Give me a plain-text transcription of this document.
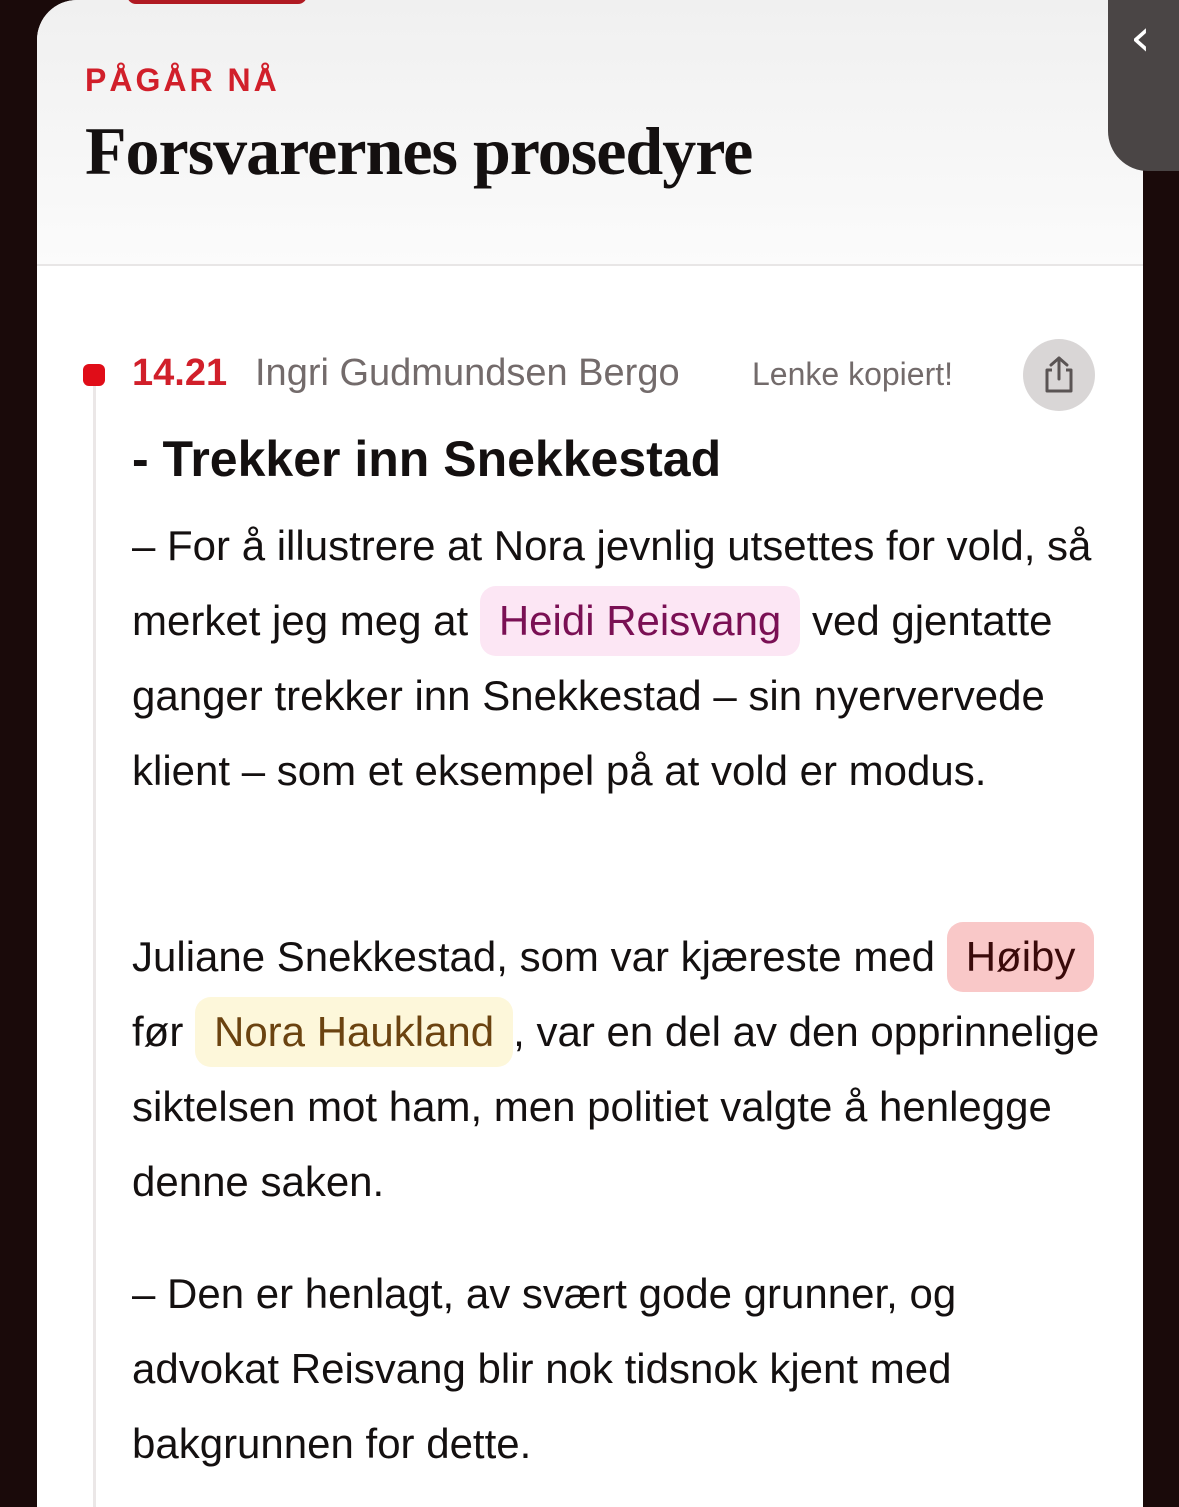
PÅGÅR NÅ
Forsvarernes prosedyre
14.21 Ingri Gudmundsen Bergo	Lenke kopiert!
- Trekker inn Snekkestad

– For å illustrere at Nora jevnlig utsettes for vold, så merket jeg meg at Heidi Reisvang ved gjentatte ganger trekker inn Snekkestad – sin nyervervede klient – som et eksempel på at vold er modus.

Juliane Snekkestad, som var kjæreste med Høiby før Nora Haukland , var en del av den opprinnelige siktelsen mot ham, men politiet valgte å henlegge denne saken.

– Den er henlagt, av svært gode grunner, og advokat Reisvang blir nok tidsnok kjent med bakgrunnen for dette.

‹
